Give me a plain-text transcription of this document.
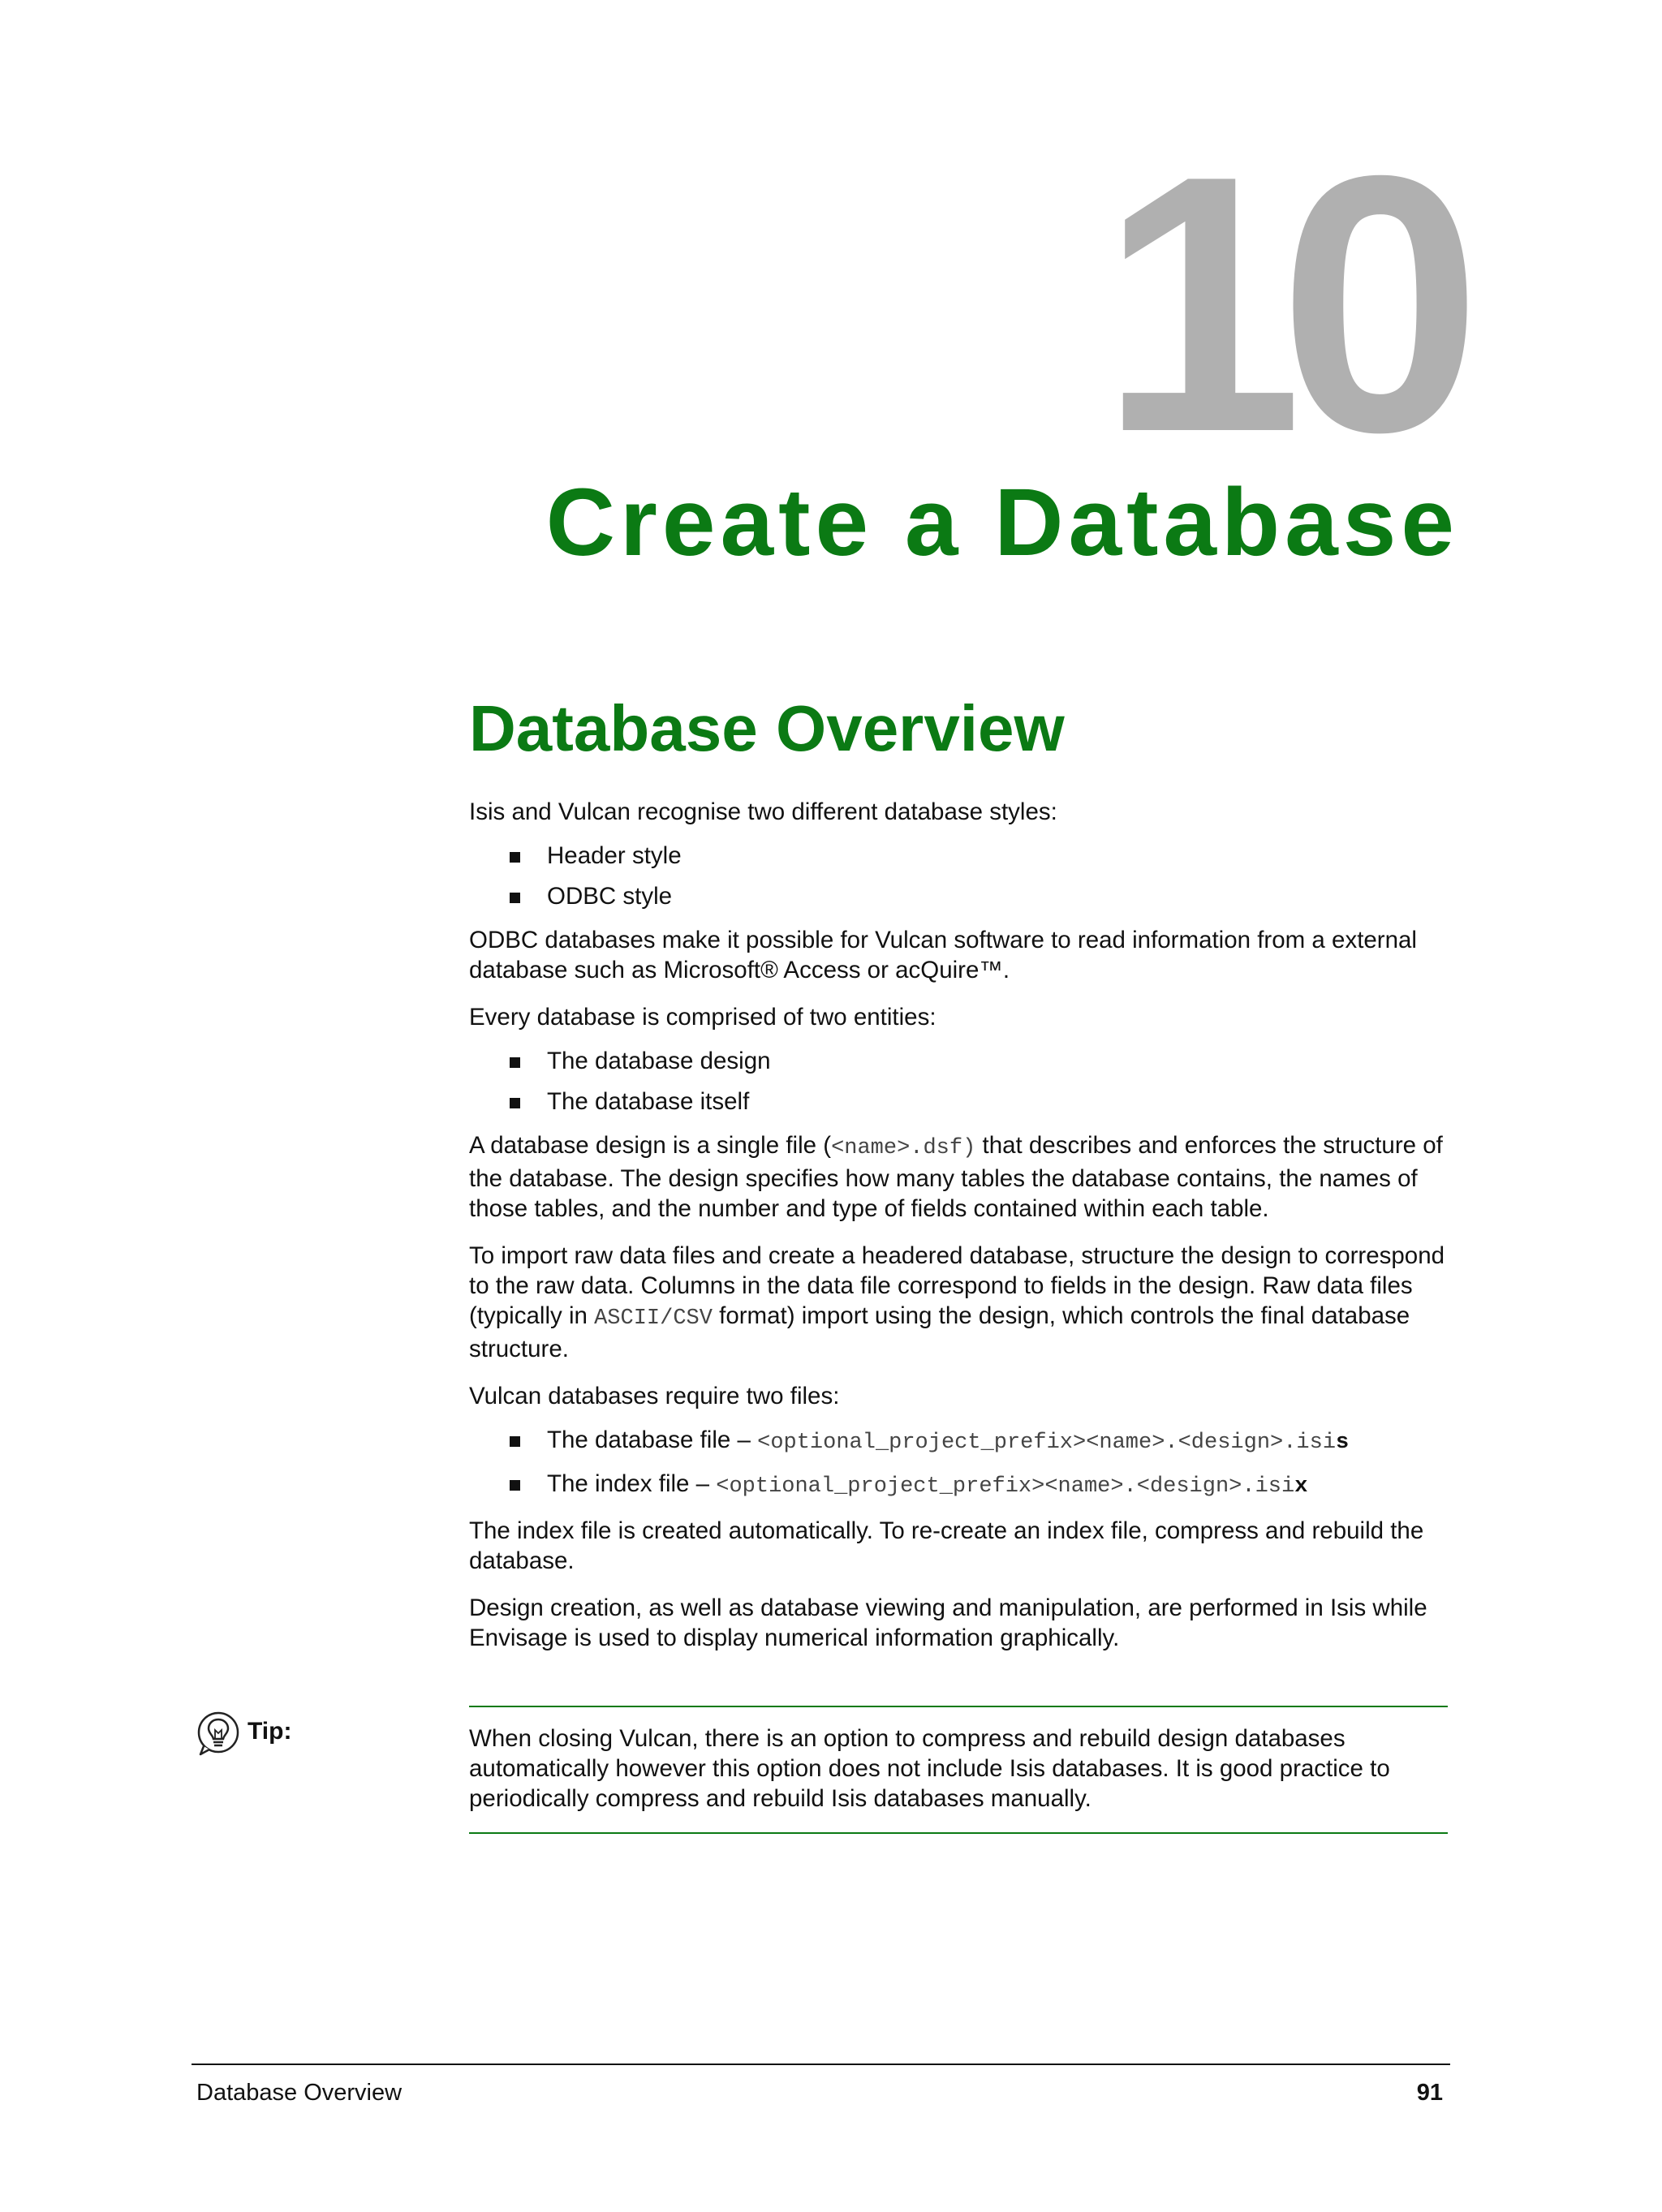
10
Create a Database
Database Overview

Isis and Vulcan recognise two different database styles:

Header style
ODBC style

ODBC databases make it possible for Vulcan software to read information from a external database such as Microsoft® Access or acQuire™.

Every database is comprised of two entities:

The database design
The database itself

A database design is a single file (<name>.dsf) that describes and enforces the structure of the database. The design specifies how many tables the database contains, the names of those tables, and the number and type of fields contained within each table.

To import raw data files and create a headered database, structure the design to correspond to the raw data. Columns in the data file correspond to fields in the design. Raw data files (typically in ASCII/CSV format) import using the design, which controls the final database structure.

Vulcan databases require two files:

The database file – <optional_project_prefix><name>.<design>.isis
The index file – <optional_project_prefix><name>.<design>.isix

The index file is created automatically. To re-create an index file, compress and rebuild the database.

Design creation, as well as database viewing and manipulation, are performed in Isis while Envisage is used to display numerical information graphically.

Tip:	When closing Vulcan, there is an option to compress and rebuild design databases automatically however this option does not include Isis databases. It is good practice to periodically compress and rebuild Isis databases manually.
Database Overview	91
